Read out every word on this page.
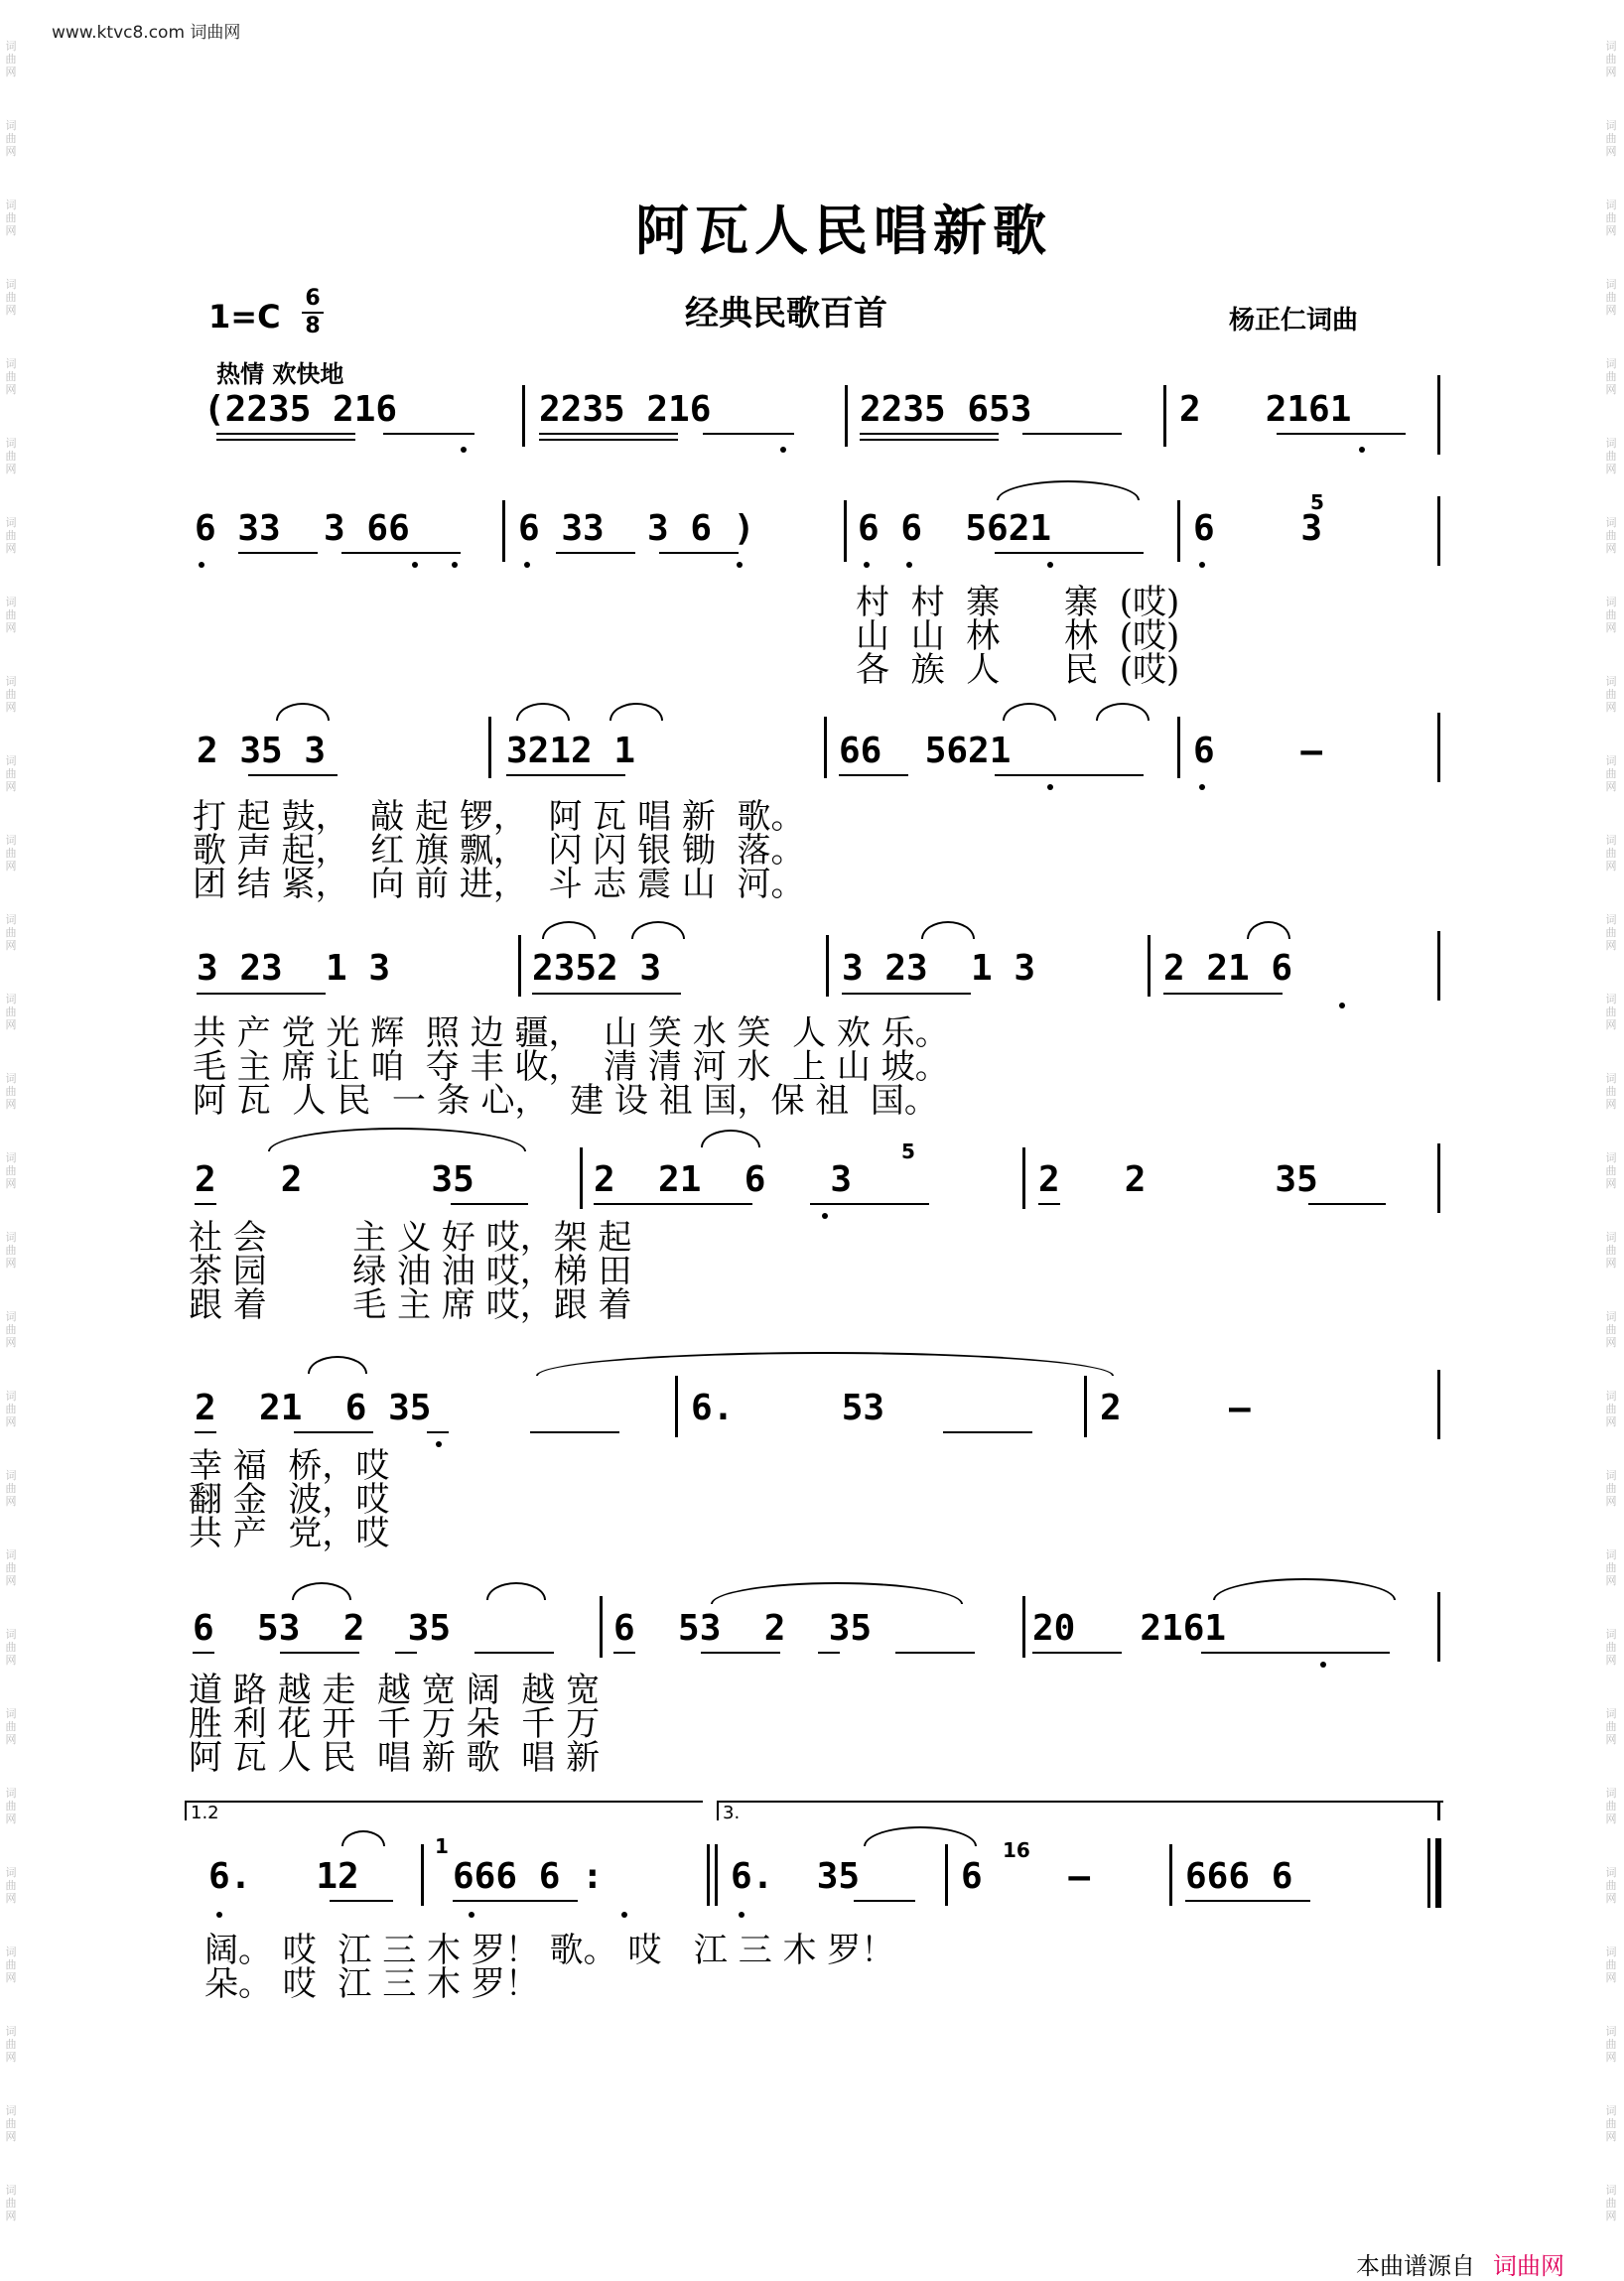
www.ktvc8.com 词曲网
词
曲
网
词
曲
网
词
曲
网
词
曲
网
词
曲
网
词
曲
网
词
曲
网
词
曲
网
词
曲
网
词
曲
网
词
曲
网
词
曲
网
词
曲
网
词
曲
网
词
曲
网
词
曲
网
词
曲
网
词
曲
网
词
曲
网
词
曲
网
词
曲
网
词
曲
网
词
曲
网
词
曲
网
词
曲
网
词
曲
网
词
曲
网
词
曲
网
词
曲
网
词
曲
网
词
曲
网
词
曲
网
词
曲
网
词
曲
网
词
曲
网
词
曲
网
词
曲
网
词
曲
网
词
曲
网
词
曲
网
词
曲
网
词
曲
网
词
曲
网
词
曲
网
词
曲
网
词
曲
网
词
曲
网
词
曲
网
词
曲
网
词
曲
网
词
曲
网
词
曲
网
词
曲
网
词
曲
网
词
曲
网
词
曲
网
阿瓦人民唱新歌
1=C 6
8	经典民歌百首	杨正仁词曲
热情 欢快地
(2235 216	2235 216	2235 653	2   2161
6 33  3 66	6 33  3 6 )	6 6  5621	6    3
5
村  村  寨      寨  (哎)
山  山  林      林  (哎)
各  族  人      民  (哎)
2 35 3	3212 1	66  5621	6    –
打 起 鼓，  敲 起 锣，  阿 瓦 唱 新  歌。
歌 声 起，  红 旗 飘，  闪 闪 银 锄  落。
团 结 紧，  向 前 进，  斗 志 震 山  河。
3 23  1 3	2352 3	3 23  1 3	2 21 6
共 产 党 光 辉  照 边 疆，  山 笑 水 笑  人 欢 乐。
毛 主 席 让 咱  夺 丰 收，  清 清 河 水  上 山 坡。
阿 瓦  人 民  一 条 心，  建 设 祖 国，保 祖  国。
2   2      35	2  21  6   3
5
2   2      35
社 会        主 义 好 哎，架 起
茶 园        绿 油 油 哎，梯 田
跟 着        毛 主 席 哎，跟 着
2  21  6 35	6.     53	2     –
幸 福  桥，哎
翻 金  波，哎
共 产  党，哎
6  53  2  35	6  53  2  35	20   2161
道 路 越 走  越 宽 阔  越 宽
胜 利 花 开  千 万 朵  千 万
阿 瓦 人 民  唱 新 歌  唱 新
1.2	3.
6.   12	666 6 :
1
6.  35	6    –
16
666 6
阔。 哎  江 三 木 罗！ 歌。 哎   江 三 木 罗！
朵。 哎  江 三 木 罗！
本曲谱源自 词曲网
